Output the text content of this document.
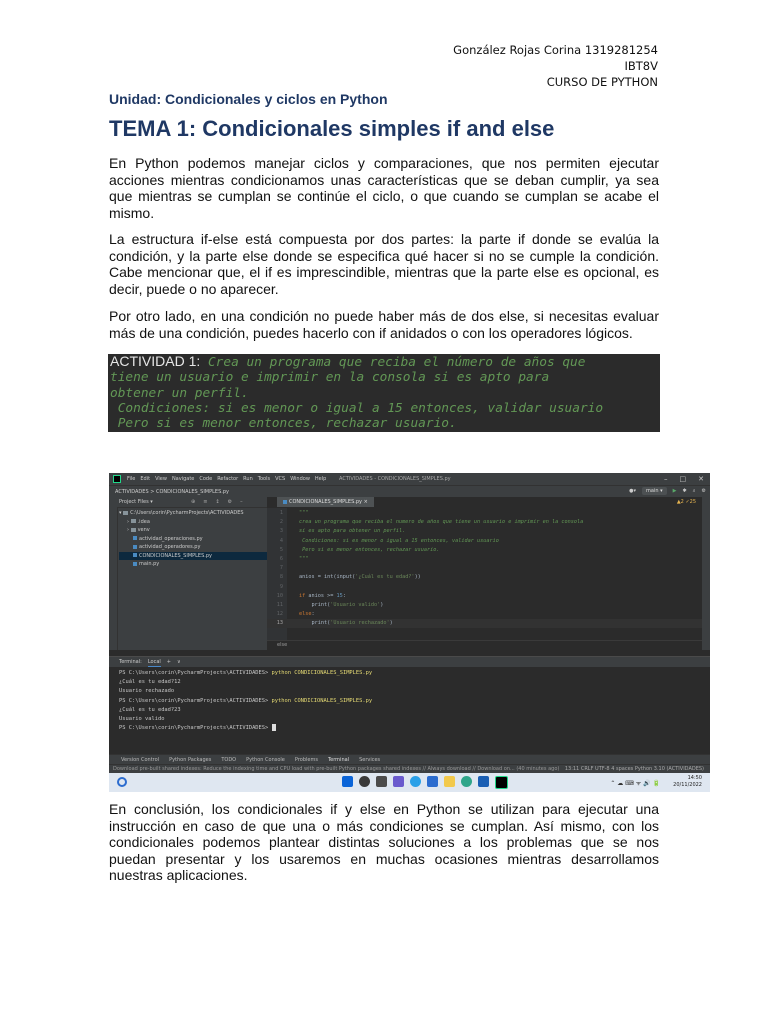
González Rojas Corina 1319281254
IBT8V
CURSO DE PYTHON
Unidad: Condicionales y ciclos en Python
TEMA 1: Condicionales simples if and else

En Python podemos manejar ciclos y comparaciones, que nos permiten ejecutar acciones mientras condicionamos unas características que se deban cumplir, ya sea que mientras se cumplan se continúe el ciclo, o que cuando se cumplan se acabe el mismo.

La estructura if-else está compuesta por dos partes: la parte if donde se evalúa la condición, y la parte else donde se especifica qué hacer si no se cumple la condición. Cabe mencionar que, el if es imprescindible, mientras que la parte else es opcional, es decir, puede o no aparecer.

Por otro lado, en una condición no puede haber más de dos else, si necesitas evaluar más de una condición, puedes hacerlo con if anidados o con los operadores lógicos.

ACTIVIDAD 1: Crea un programa que reciba el número de años que
tiene un usuario e imprimir en la consola si es apto para
obtener un perfil.
Condiciones: si es menor o igual a 15 entonces, validar usuario
Pero si es menor entonces, rechazar usuario.
File Edit View Navigate Code Refactor Run Tools VCS Window Help	ACTIVIDADES - CONDICIONALES_SIMPLES.py	– □ ✕
ACTIVIDADES > CONDICIONALES_SIMPLES.py	●▾	main ▾	▶ ✱ ⌕ ⚙
Project Files ▾	⊕ ≡ ↕ ⚙ –
▾ C:\Users\corin\PycharmProjects\ACTIVIDADES
› .idea
› venv
actividad_operaciones.py
actividad_operadores.py
CONDICIONALES_SIMPLES.py
main.py
CONDICIONALES_SIMPLES.py ×	▲2 ✓25
1	"""
2	crea un programa que reciba el numero de años que tiene un usuario e imprimir en la consola
3	si es apto para obtener un perfil.
4	Condiciones: si es menor o igual a 15 entonces, validar usuario
5	Pero si es menor entonces, rechazar usuario.
6	"""
7
8	anios = int(input('¿Cuál es tu edad?'))
9
10	if anios >= 15:
11	print('Usuario valido')
12	else:
13	print('Usuario rechazado')
else
Terminal: Local + ∨
PS C:\Users\corin\PycharmProjects\ACTIVIDADES> python CONDICIONALES_SIMPLES.py
¿Cuál es tu edad?12
Usuario rechazado
PS C:\Users\corin\PycharmProjects\ACTIVIDADES> python CONDICIONALES_SIMPLES.py
¿Cuál es tu edad?23
Usuario valido
PS C:\Users\corin\PycharmProjects\ACTIVIDADES>
Version Control Python Packages TODO Python Console Problems Terminal Services
Download pre-built shared indexes: Reduce the indexing time and CPU load with pre-built Python packages shared indexes // Always download // Download on... (40 minutes ago) 13:11 CRLF UTF-8 4 spaces Python 3.10 (ACTIVIDADES)
⌃ ☁ ⌨ ᯤ 🔊 🔋
14:50
20/11/2022

En conclusión, los condicionales if y else en Python se utilizan para ejecutar una instrucción en caso de que una o más condiciones se cumplan. Así mismo, con los condicionales podemos plantear distintas soluciones a los problemas que se nos puedan presentar y los usaremos en muchas ocasiones mientras desarrollamos nuestras aplicaciones.
